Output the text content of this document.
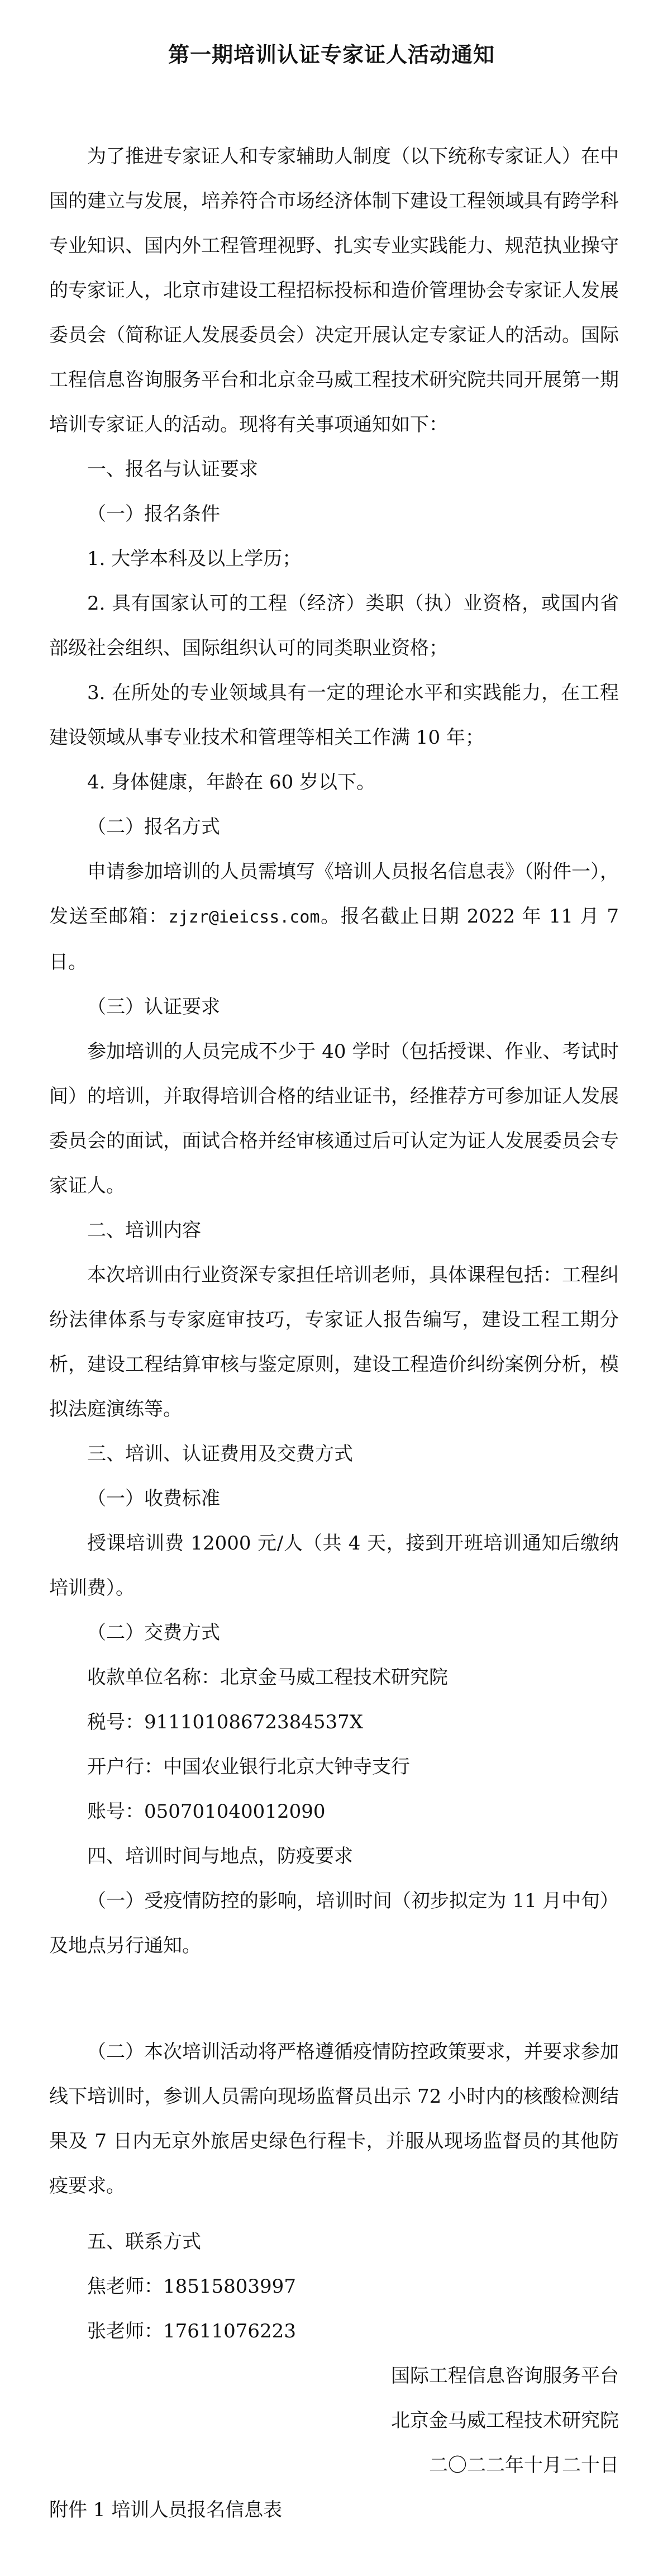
第一期培训认证专家证人活动通知

为了推进专家证人和专家辅助人制度（以下统称专家证人）在中国的建立与发展，培养符合市场经济体制下建设工程领域具有跨学科专业知识、国内外工程管理视野、扎实专业实践能力、规范执业操守的专家证人，北京市建设工程招标投标和造价管理协会专家证人发展委员会（简称证人发展委员会）决定开展认定专家证人的活动。国际工程信息咨询服务平台和北京金马威工程技术研究院共同开展第一期培训专家证人的活动。现将有关事项通知如下：

一、报名与认证要求

（一）报名条件

1. 大学本科及以上学历；

2. 具有国家认可的工程（经济）类职（执）业资格，或国内省部级社会组织、国际组织认可的同类职业资格；

3. 在所处的专业领域具有一定的理论水平和实践能力，在工程建设领域从事专业技术和管理等相关工作满 10 年；

4. 身体健康，年龄在 60 岁以下。

（二）报名方式

申请参加培训的人员需填写《培训人员报名信息表》（附件一），发送至邮箱：zjzr@ieicss.com。报名截止日期 2022 年 11 月 7 日。

（三）认证要求

参加培训的人员完成不少于 40 学时（包括授课、作业、考试时间）的培训，并取得培训合格的结业证书，经推荐方可参加证人发展委员会的面试，面试合格并经审核通过后可认定为证人发展委员会专家证人。

二、培训内容

本次培训由行业资深专家担任培训老师，具体课程包括：工程纠纷法律体系与专家庭审技巧，专家证人报告编写，建设工程工期分析，建设工程结算审核与鉴定原则，建设工程造价纠纷案例分析，模拟法庭演练等。

三、培训、认证费用及交费方式

（一）收费标准

授课培训费 12000 元/人（共 4 天，接到开班培训通知后缴纳培训费）。

（二）交费方式

收款单位名称：北京金马威工程技术研究院

税号：91110108672384537X

开户行：中国农业银行北京大钟寺支行

账号：050701040012090

四、培训时间与地点，防疫要求

（一）受疫情防控的影响，培训时间（初步拟定为 11 月中旬）及地点另行通知。

（二）本次培训活动将严格遵循疫情防控政策要求，并要求参加线下培训时，参训人员需向现场监督员出示 72 小时内的核酸检测结果及 7 日内无京外旅居史绿色行程卡，并服从现场监督员的其他防疫要求。

五、联系方式

焦老师：18515803997

张老师：17611076223

国际工程信息咨询服务平台

北京金马威工程技术研究院

二〇二二年十月二十日

附件 1 培训人员报名信息表
